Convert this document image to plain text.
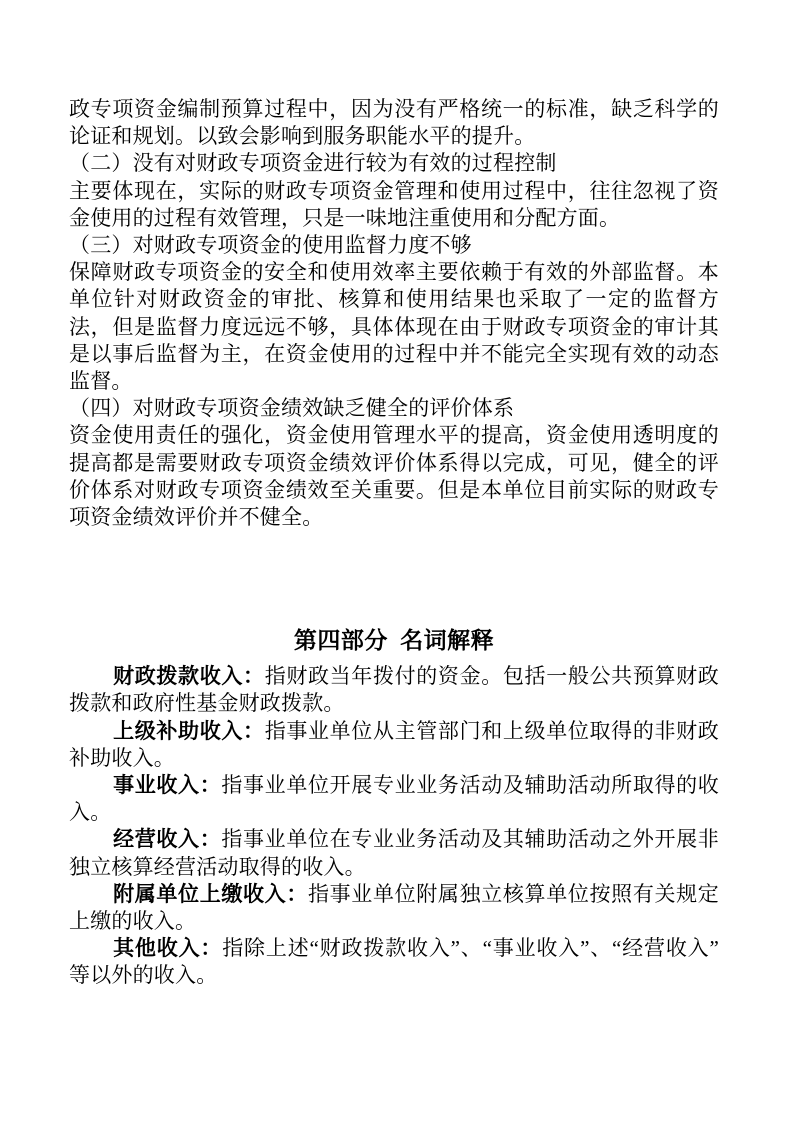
政专项资金编制预算过程中，因为没有严格统一的标准，缺乏科学的论证和规划。以致会影响到服务职能水平的提升。

（二）没有对财政专项资金进行较为有效的过程控制

主要体现在，实际的财政专项资金管理和使用过程中，往往忽视了资金使用的过程有效管理，只是一味地注重使用和分配方面。

（三）对财政专项资金的使用监督力度不够

保障财政专项资金的安全和使用效率主要依赖于有效的外部监督。本单位针对财政资金的审批、核算和使用结果也采取了一定的监督方法，但是监督力度远远不够，具体体现在由于财政专项资金的审计其是以事后监督为主，在资金使用的过程中并不能完全实现有效的动态监督。

（四）对财政专项资金绩效缺乏健全的评价体系

资金使用责任的强化，资金使用管理水平的提高，资金使用透明度的提高都是需要财政专项资金绩效评价体系得以完成，可见，健全的评价体系对财政专项资金绩效至关重要。但是本单位目前实际的财政专项资金绩效评价并不健全。

第四部分 名词解释

财政拨款收入：指财政当年拨付的资金。包括一般公共预算财政拨款和政府性基金财政拨款。

上级补助收入：指事业单位从主管部门和上级单位取得的非财政补助收入。

事业收入：指事业单位开展专业业务活动及辅助活动所取得的收入。

经营收入：指事业单位在专业业务活动及其辅助活动之外开展非独立核算经营活动取得的收入。

附属单位上缴收入：指事业单位附属独立核算单位按照有关规定上缴的收入。

其他收入：指除上述“财政拨款收入”、“事业收入”、“经营收入”等以外的收入。
